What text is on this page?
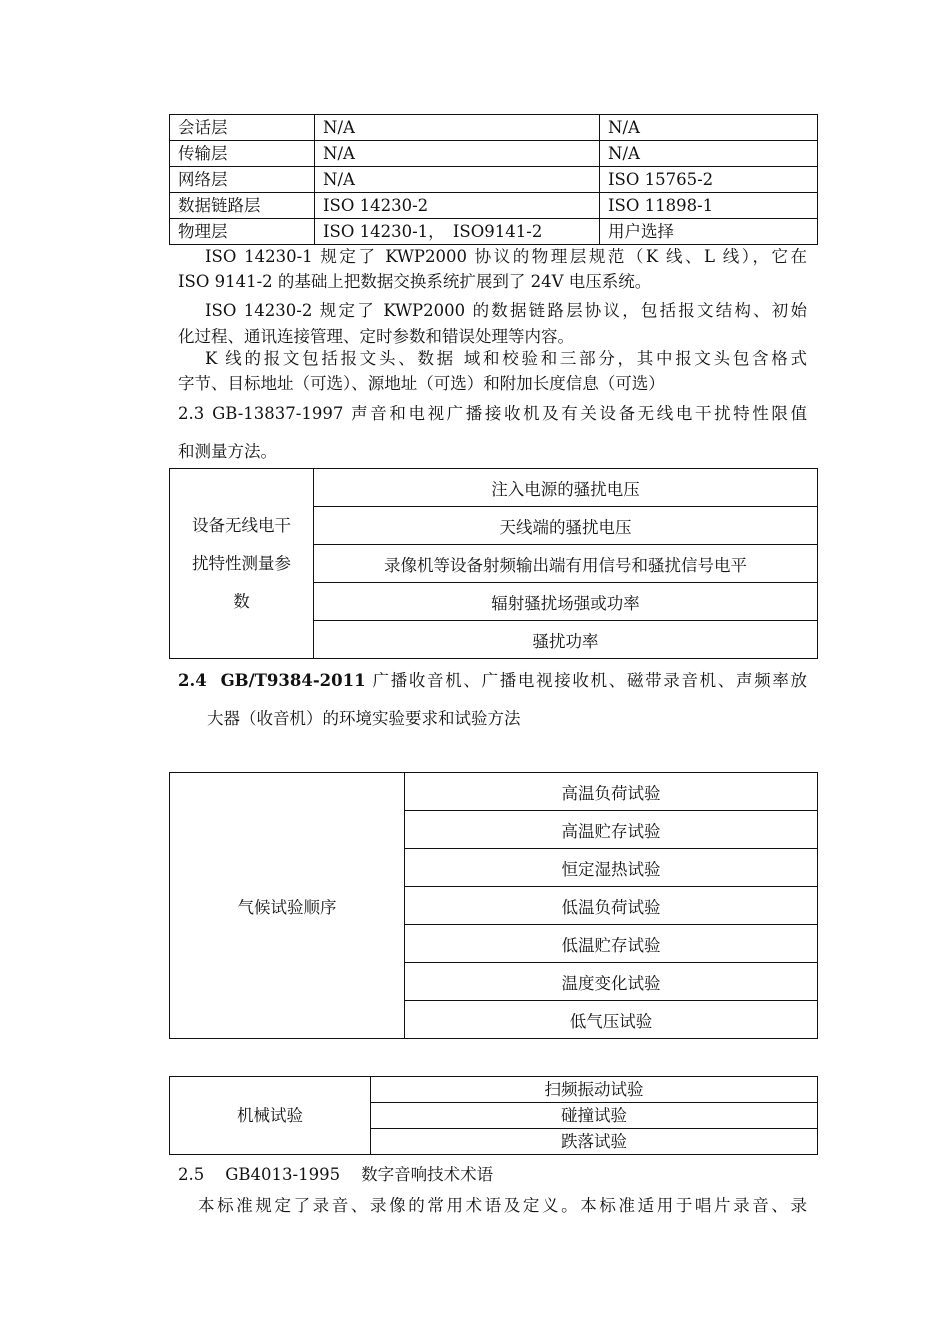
会话层	N/A	N/A
传输层	N/A	N/A
网络层	N/A	ISO 15765-2
数据链路层	ISO 14230-2	ISO 11898-1
物理层	ISO 14230-1，　ISO9141-2	用户选择
ISO 14230-1 规定了 KWP2000 协议的物理层规范（K 线、L 线），它在
ISO 9141-2 的基础上把数据交换系统扩展到了 24V 电压系统。
ISO 14230-2 规定了 KWP2000 的数据链路层协议，包括报文结构、初始
化过程、通讯连接管理、定时参数和错误处理等内容。
K 线的报文包括报文头、数据 域和校验和三部分，其中报文头包含格式
字节、目标地址（可选）、源地址（可选）和附加长度信息（可选）
2.3 GB-13837-1997 声音和电视广播接收机及有关设备无线电干扰特性限值
和测量方法。
设备无线电干
扰特性测量参
数
	注入电源的骚扰电压
天线端的骚扰电压
录像机等设备射频输出端有用信号和骚扰信号电平
辐射骚扰场强或功率
骚扰功率
2.4 GB/T9384-2011 广播收音机、广播电视接收机、磁带录音机、声频率放
大器（收音机）的环境实验要求和试验方法
气候试验顺序	高温负荷试验
高温贮存试验
恒定湿热试验
低温负荷试验
低温贮存试验
温度变化试验
低气压试验
机械试验	扫频振动试验
碰撞试验
跌落试验
2.5    GB4013-1995    数字音响技术术语
本标准规定了录音、录像的常用术语及定义。本标准适用于唱片录音、录
